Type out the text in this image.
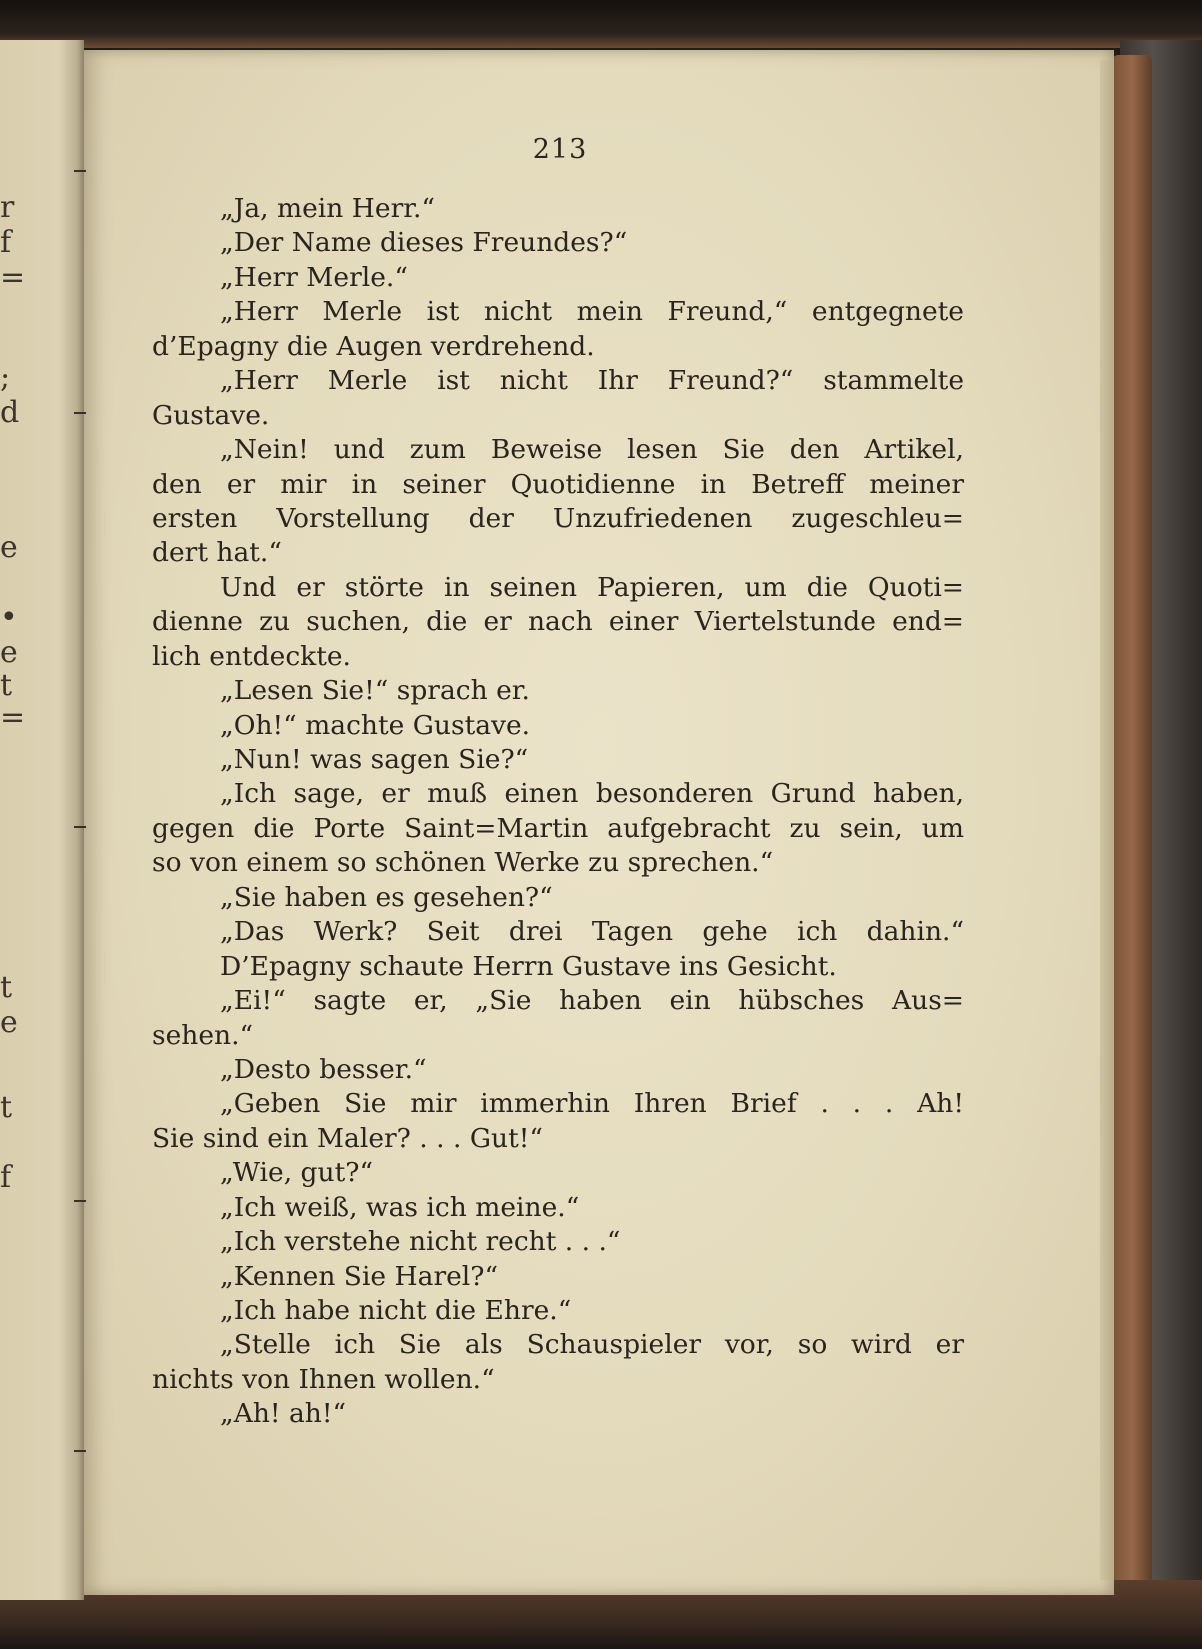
r
f
=
;
d
e
•
e
t
=
t
e
t
f
213
„Ja, mein Herr.“
„Der Name dieses Freundes?“
„Herr Merle.“
„Herr Merle ist nicht mein Freund,“ entgegnete
d’Epagny die Augen verdrehend.
„Herr Merle ist nicht Ihr Freund?“ stammelte
Gustave.
„Nein! und zum Beweise lesen Sie den Artikel,
den er mir in seiner Quotidienne in Betreff meiner
ersten Vorstellung der Unzufriedenen zugeschleu=
dert hat.“
Und er störte in seinen Papieren, um die Quoti=
dienne zu suchen, die er nach einer Viertelstunde end=
lich entdeckte.
„Lesen Sie!“ sprach er.
„Oh!“ machte Gustave.
„Nun! was sagen Sie?“
„Ich sage, er muß einen besonderen Grund haben,
gegen die Porte Saint=Martin aufgebracht zu sein, um
so von einem so schönen Werke zu sprechen.“
„Sie haben es gesehen?“
„Das Werk? Seit drei Tagen gehe ich dahin.“
D’Epagny schaute Herrn Gustave ins Gesicht.
„Ei!“ sagte er, „Sie haben ein hübsches Aus=
sehen.“
„Desto besser.“
„Geben Sie mir immerhin Ihren Brief . . . Ah!
Sie sind ein Maler? . . . Gut!“
„Wie, gut?“
„Ich weiß, was ich meine.“
„Ich verstehe nicht recht . . .“
„Kennen Sie Harel?“
„Ich habe nicht die Ehre.“
„Stelle ich Sie als Schauspieler vor, so wird er
nichts von Ihnen wollen.“
„Ah! ah!“
